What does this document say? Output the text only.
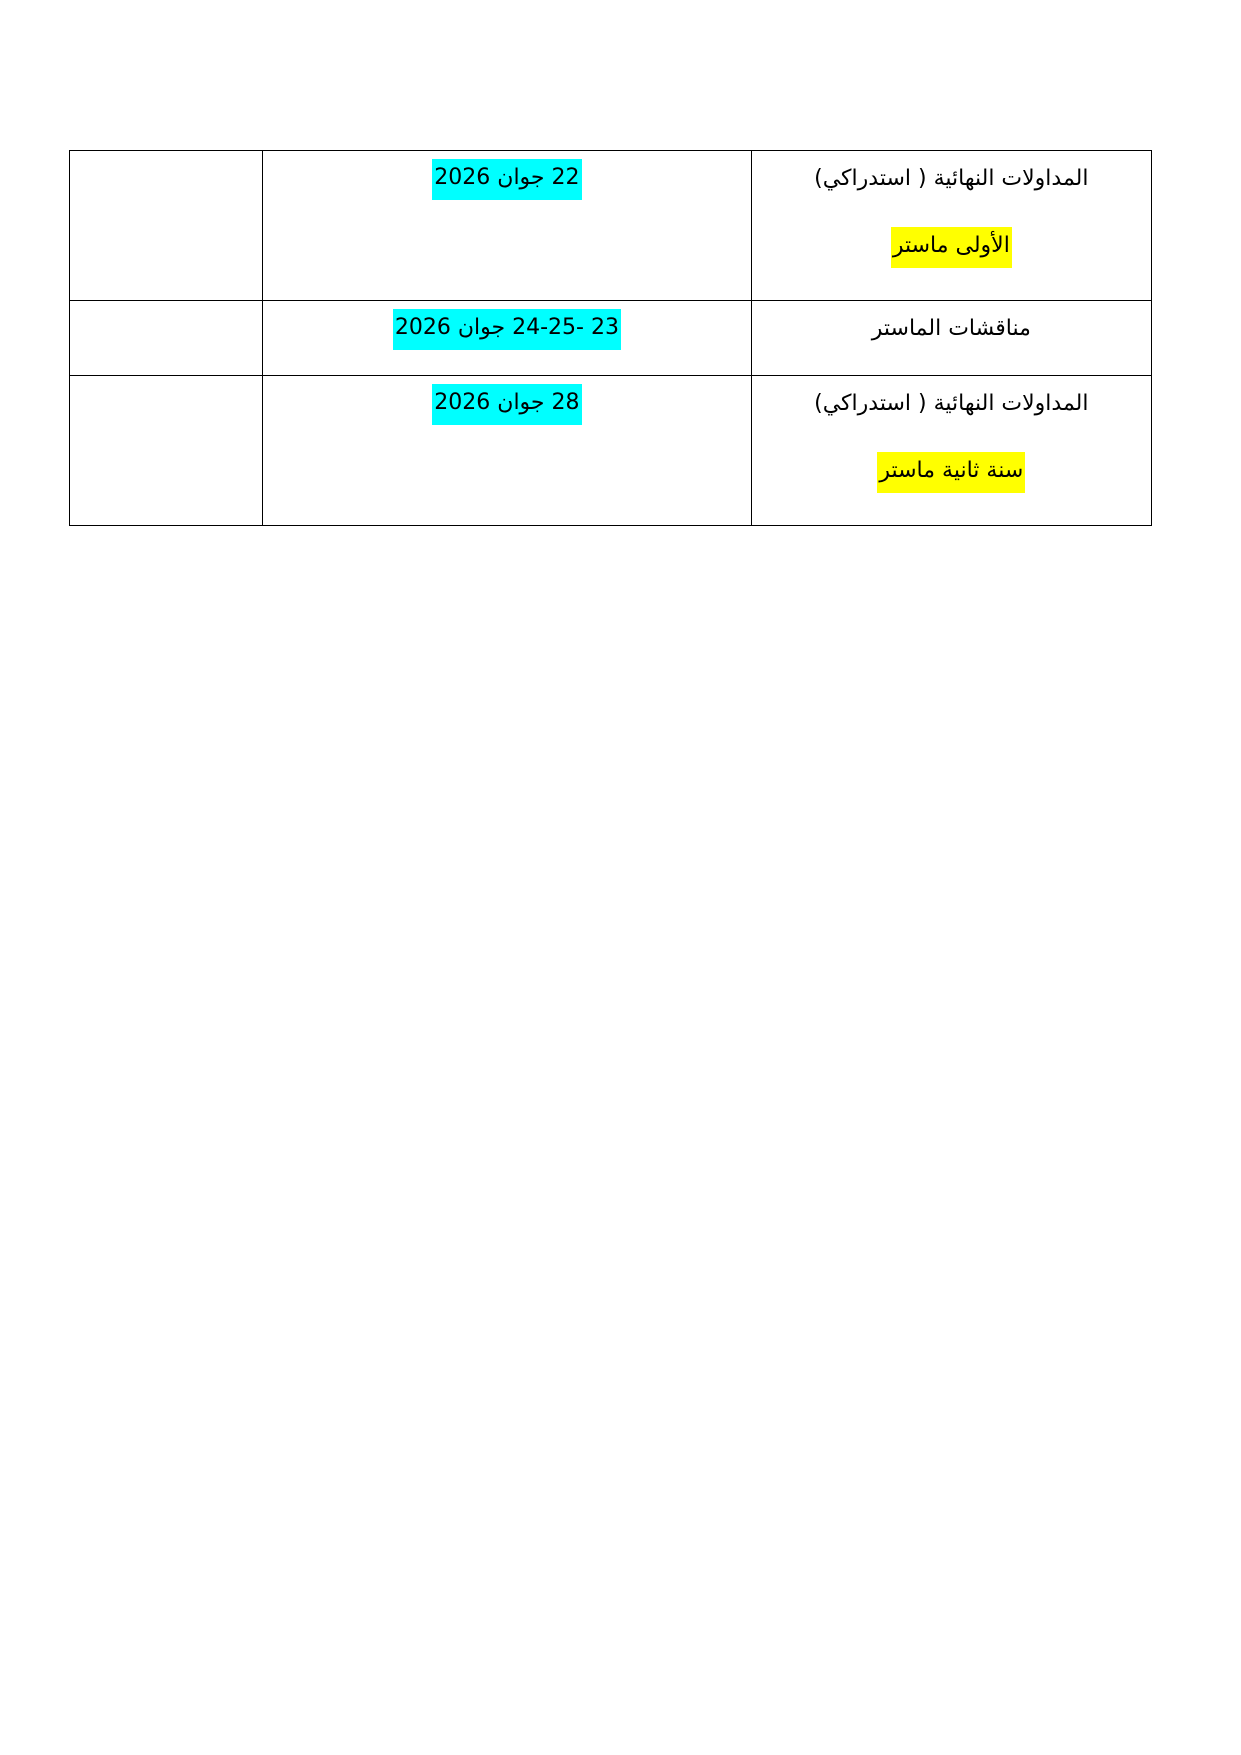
المداولات النهائية ( استدراكي)
الأولى ماستر	22 جوان 2026	

مناقشات الماستر	23 -24-25 جوان 2026	

المداولات النهائية ( استدراكي)
سنة ثانية ماستر	28 جوان 2026	
